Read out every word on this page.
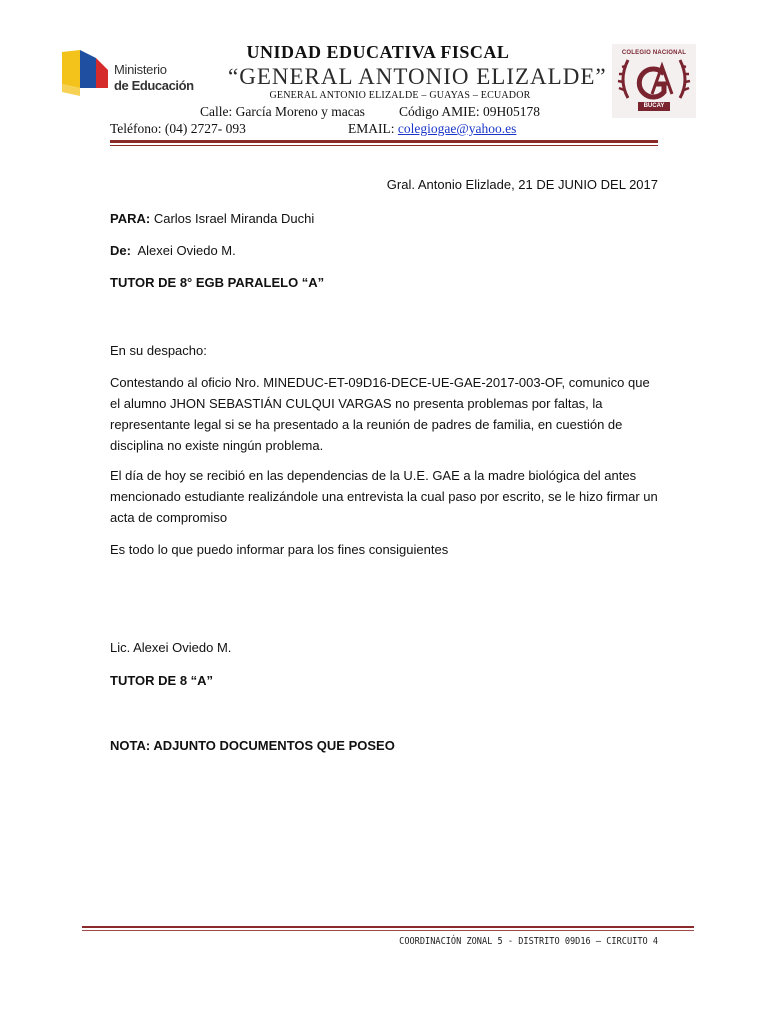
Ministerio
de Educación
UNIDAD EDUCATIVA FISCAL
“GENERAL ANTONIO ELIZALDE”
COLEGIO NACIONAL
BUCAY
GENERAL ANTONIO ELIZALDE – GUAYAS – ECUADOR
Calle: García Moreno y macas	Código AMIE: 09H05178
Teléfono: (04) 2727- 093	EMAIL: colegiogae@yahoo.es
Gral. Antonio Elizlade, 21 DE JUNIO DEL 2017
PARA: Carlos Israel Miranda Duchi
De: Alexei Oviedo M.
TUTOR DE 8° EGB PARALELO “A”
En su despacho:
Contestando al oficio Nro. MINEDUC-ET-09D16-DECE-UE-GAE-2017-003-OF, comunico que el alumno JHON SEBASTIÁN CULQUI VARGAS no presenta problemas por faltas, la representante legal si se ha presentado a la reunión de padres de familia, en cuestión de disciplina no existe ningún problema.
El día de hoy se recibió en las dependencias de la U.E. GAE a la madre biológica del antes mencionado estudiante realizándole una entrevista la cual paso por escrito, se le hizo firmar un acta de compromiso
Es todo lo que puedo informar para los fines consiguientes
Lic. Alexei Oviedo M.
TUTOR DE 8 “A”
NOTA: ADJUNTO DOCUMENTOS QUE POSEO
COORDINACIÓN ZONAL 5 - DISTRITO 09D16 – CIRCUITO 4
